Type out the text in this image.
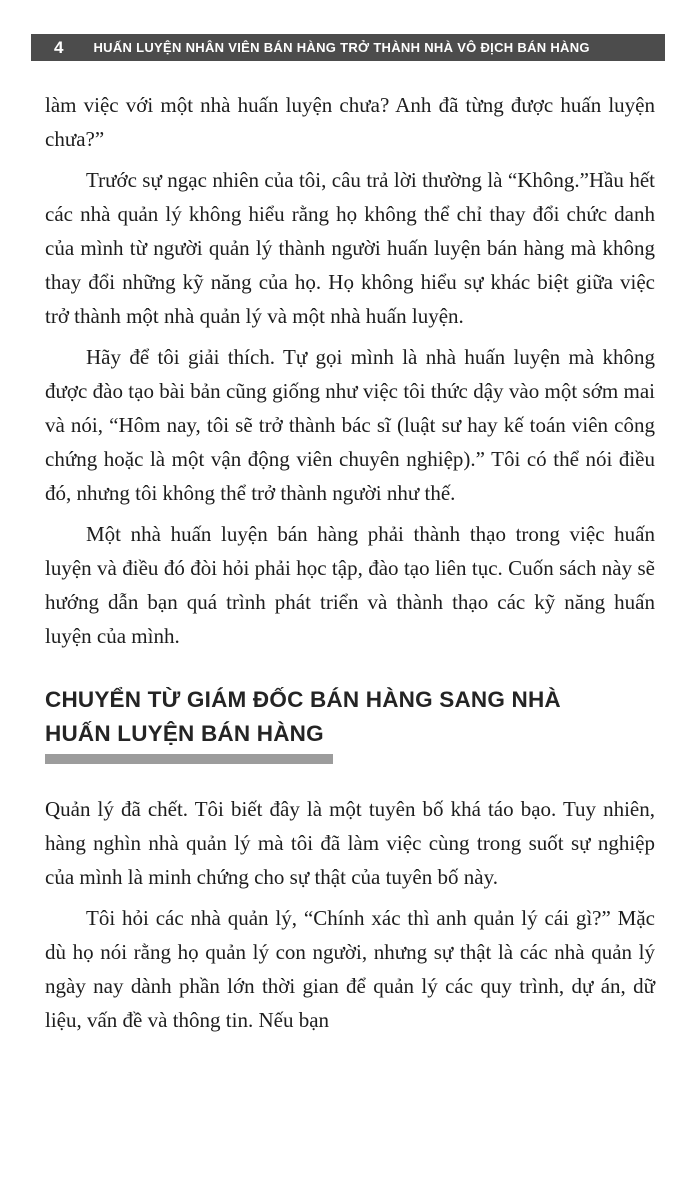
4 HUẤN LUYỆN NHÂN VIÊN BÁN HÀNG TRỞ THÀNH NHÀ VÔ ĐỊCH BÁN HÀNG

làm việc với một nhà huấn luyện chưa? Anh đã từng được huấn luyện chưa?”

Trước sự ngạc nhiên của tôi, câu trả lời thường là “Không.”Hầu hết các nhà quản lý không hiểu rằng họ không thể chỉ thay đổi chức danh của mình từ người quản lý thành người huấn luyện bán hàng mà không thay đổi những kỹ năng của họ. Họ không hiểu sự khác biệt giữa việc trở thành một nhà quản lý và một nhà huấn luyện.

Hãy để tôi giải thích. Tự gọi mình là nhà huấn luyện mà không được đào tạo bài bản cũng giống như việc tôi thức dậy vào một sớm mai và nói, “Hôm nay, tôi sẽ trở thành bác sĩ (luật sư hay kế toán viên công chứng hoặc là một vận động viên chuyên nghiệp).” Tôi có thể nói điều đó, nhưng tôi không thể trở thành người như thế.

Một nhà huấn luyện bán hàng phải thành thạo trong việc huấn luyện và điều đó đòi hỏi phải học tập, đào tạo liên tục. Cuốn sách này sẽ hướng dẫn bạn quá trình phát triển và thành thạo các kỹ năng huấn luyện của mình.

CHUYỂN TỪ GIÁM ĐỐC BÁN HÀNG SANG NHÀ
HUẤN LUYỆN BÁN HÀNG

Quản lý đã chết. Tôi biết đây là một tuyên bố khá táo bạo. Tuy nhiên, hàng nghìn nhà quản lý mà tôi đã làm việc cùng trong suốt sự nghiệp của mình là minh chứng cho sự thật của tuyên bố này.

Tôi hỏi các nhà quản lý, “Chính xác thì anh quản lý cái gì?” Mặc dù họ nói rằng họ quản lý con người, nhưng sự thật là các nhà quản lý ngày nay dành phần lớn thời gian để quản lý các quy trình, dự án, dữ liệu, vấn đề và thông tin. Nếu bạn
